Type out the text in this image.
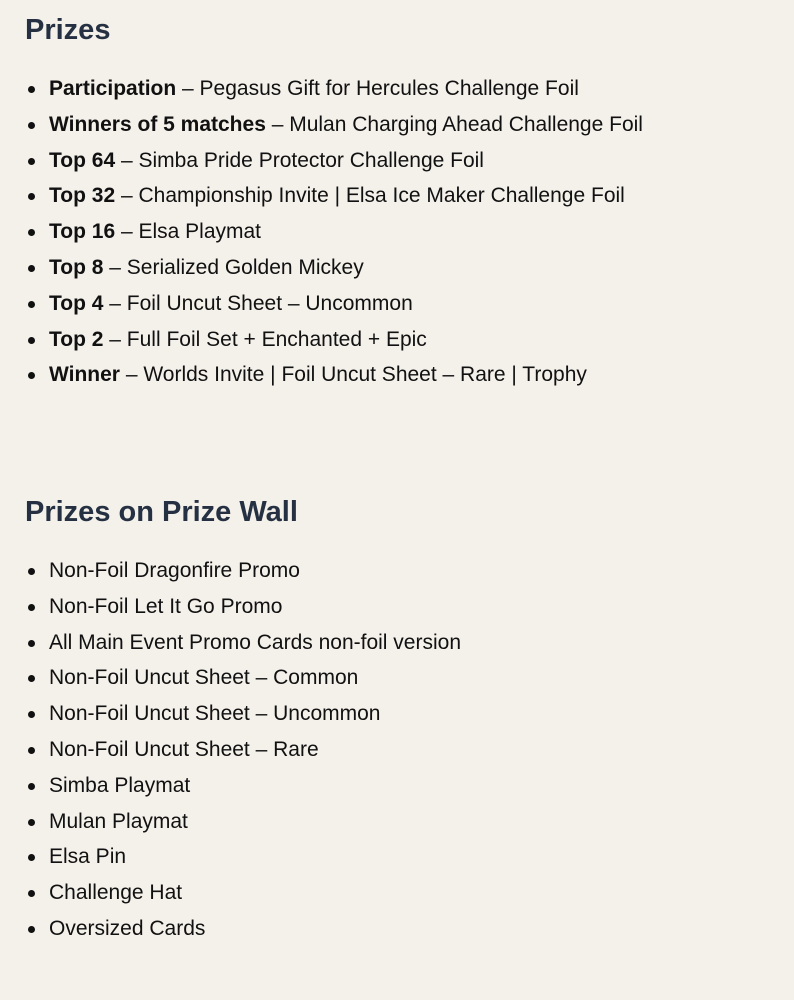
Prizes
Participation – Pegasus Gift for Hercules Challenge Foil
Winners of 5 matches – Mulan Charging Ahead Challenge Foil
Top 64 – Simba Pride Protector Challenge Foil
Top 32 – Championship Invite | Elsa Ice Maker Challenge Foil
Top 16 – Elsa Playmat
Top 8 – Serialized Golden Mickey
Top 4 – Foil Uncut Sheet – Uncommon
Top 2 – Full Foil Set + Enchanted + Epic
Winner – Worlds Invite | Foil Uncut Sheet – Rare | Trophy
Prizes on Prize Wall
Non-Foil Dragonfire Promo
Non-Foil Let It Go Promo
All Main Event Promo Cards non-foil version
Non-Foil Uncut Sheet – Common
Non-Foil Uncut Sheet – Uncommon
Non-Foil Uncut Sheet – Rare
Simba Playmat
Mulan Playmat
Elsa Pin
Challenge Hat
Oversized Cards
